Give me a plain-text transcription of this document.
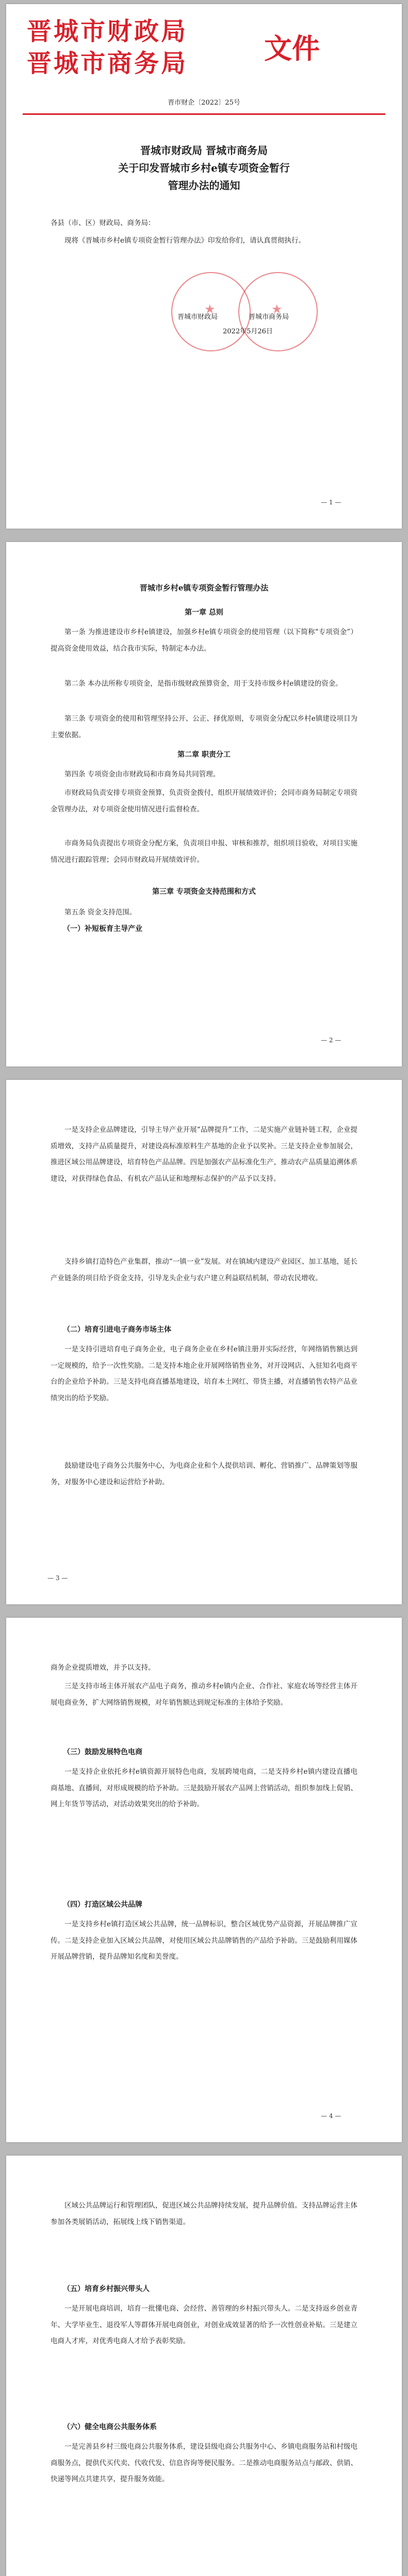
晋城市财政局
晋城市商务局	文件
晋市财企〔2022〕25号
晋城市财政局 晋城市商务局
关于印发晋城市乡村e镇专项资金暂行
管理办法的通知

各县（市、区）财政局、商务局：

现将《晋城市乡村e镇专项资金暂行管理办法》印发给你们，请认真贯彻执行。

★	★
晋城市财政局	晋城市商务局
2022年5月26日
— 1 —
晋城市乡村e镇专项资金暂行管理办法
第一章 总则

第一条 为推进建设市乡村e镇建设，加强乡村e镇专项资金的使用管理（以下简称“专项资金”）提高资金使用效益，结合我市实际，特制定本办法。

第二条 本办法所称专项资金，是指市级财政预算资金，用于支持市级乡村e镇建设的资金。

第三条 专项资金的使用和管理坚持公开、公正、择优原则，专项资金分配以乡村e镇建设项目为主要依据。

第二章 职责分工

第四条 专项资金由市财政局和市商务局共同管理。

市财政局负责安排专项资金预算，负责资金拨付，组织开展绩效评价；会同市商务局制定专项资金管理办法，对专项资金使用情况进行监督检查。

市商务局负责提出专项资金分配方案，负责项目申报、审核和推荐，组织项目验收，对项目实施情况进行跟踪管理；会同市财政局开展绩效评价。

第三章 专项资金支持范围和方式

第五条 资金支持范围。

（一）补短板育主导产业
— 2 —

一是支持企业品牌建设，引导主导产业开展“品牌提升”工作，二是实施产业链补链工程，企业提质增效，支持产品质量提升，对建设高标准原料生产基地的企业予以奖补。三是支持企业参加展会，推进区域公用品牌建设，培育特色产品品牌。四是加强农产品标准化生产，推动农产品质量追溯体系建设，对获得绿色食品、有机农产品认证和地理标志保护的产品予以支持。

支持乡镇打造特色产业集群，推动“一镇一业”发展。对在镇域内建设产业园区、加工基地，延长产业链条的项目给予资金支持，引导龙头企业与农户建立利益联结机制，带动农民增收。

（二）培育引进电子商务市场主体

一是支持引进培育电子商务企业，电子商务企业在乡村e镇注册并实际经营，年网络销售额达到一定规模的，给予一次性奖励。二是支持本地企业开展网络销售业务，对开设网店、入驻知名电商平台的企业给予补助。三是支持电商直播基地建设，培育本土网红、带货主播，对直播销售农特产品业绩突出的给予奖励。

鼓励建设电子商务公共服务中心，为电商企业和个人提供培训、孵化、营销推广、品牌策划等服务，对服务中心建设和运营给予补助。

— 3 —

商务企业提质增效，并予以支持。

三是支持市场主体开展农产品电子商务，推动乡村e镇内企业、合作社、家庭农场等经营主体开展电商业务，扩大网络销售规模，对年销售额达到规定标准的主体给予奖励。

（三）鼓励发展特色电商

一是支持企业依托乡村e镇资源开展特色电商，发展跨境电商，二是支持乡村e镇内建设直播电商基地、直播间，对形成规模的给予补助。三是鼓励开展农产品网上营销活动，组织参加线上促销、网上年货节等活动，对活动效果突出的给予补助。

（四）打造区域公共品牌

一是支持乡村e镇打造区域公共品牌，统一品牌标识，整合区域优势产品资源，开展品牌推广宣传。二是支持企业加入区域公共品牌，对使用区域公共品牌销售的产品给予补助。三是鼓励利用媒体开展品牌营销，提升品牌知名度和美誉度。

— 4 —

区域公共品牌运行和管理团队，促进区域公共品牌持续发展，提升品牌价值。支持品牌运营主体参加各类展销活动，拓展线上线下销售渠道。

（五）培育乡村振兴带头人

一是开展电商培训，培育一批懂电商、会经营、善管理的乡村振兴带头人。二是支持返乡创业青年、大学毕业生、退役军人等群体开展电商创业，对创业成效显著的给予一次性创业补贴。三是建立电商人才库，对优秀电商人才给予表彰奖励。

（六）健全电商公共服务体系

一是完善县乡村三级电商公共服务体系，建设县级电商公共服务中心、乡镇电商服务站和村级电商服务点，提供代买代卖、代收代发、信息咨询等便民服务。二是推动电商服务站点与邮政、供销、快递等网点共建共享，提升服务效能。
